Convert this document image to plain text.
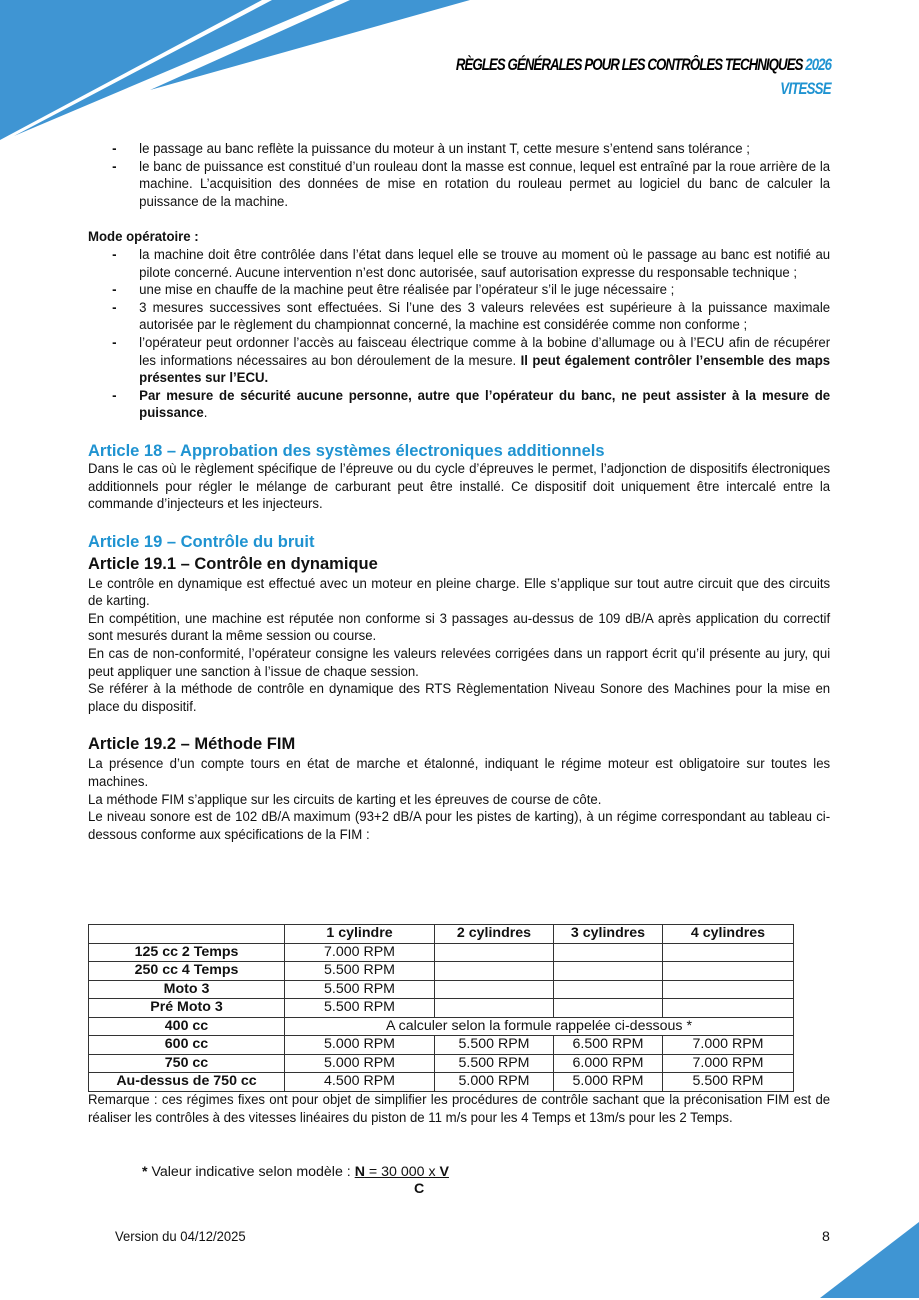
RÈGLES GÉNÉRALES POUR LES CONTRÔLES TECHNIQUES 2026
VITESSE
- le passage au banc reflète la puissance du moteur à un instant T, cette mesure s’entend sans tolérance ;
- le banc de puissance est constitué d’un rouleau dont la masse est connue, lequel est entraîné par la roue arrière de la machine. L’acquisition des données de mise en rotation du rouleau permet au logiciel du banc de calculer la puissance de la machine.
Mode opératoire :
- la machine doit être contrôlée dans l’état dans lequel elle se trouve au moment où le passage au banc est notifié au pilote concerné. Aucune intervention n’est donc autorisée, sauf autorisation expresse du responsable technique ;
- une mise en chauffe de la machine peut être réalisée par l’opérateur s’il le juge nécessaire ;
- 3 mesures successives sont effectuées. Si l’une des 3 valeurs relevées est supérieure à la puissance maximale autorisée par le règlement du championnat concerné, la machine est considérée comme non conforme ;
- l’opérateur peut ordonner l’accès au faisceau électrique comme à la bobine d’allumage ou à l’ECU afin de récupérer les informations nécessaires au bon déroulement de la mesure. Il peut également contrôler l’ensemble des maps présentes sur l’ECU.
- Par mesure de sécurité aucune personne, autre que l’opérateur du banc, ne peut assister à la mesure de puissance.
Article 18 – Approbation des systèmes électroniques additionnels
Dans le cas où le règlement spécifique de l’épreuve ou du cycle d’épreuves le permet, l’adjonction de dispositifs électroniques additionnels pour régler le mélange de carburant peut être installé. Ce dispositif doit uniquement être intercalé entre la commande d’injecteurs et les injecteurs.
Article 19 – Contrôle du bruit
Article 19.1 – Contrôle en dynamique
Le contrôle en dynamique est effectué avec un moteur en pleine charge. Elle s’applique sur tout autre circuit que des circuits de karting.
En compétition, une machine est réputée non conforme si 3 passages au-dessus de 109 dB/A après application du correctif sont mesurés durant la même session ou course.
En cas de non-conformité, l’opérateur consigne les valeurs relevées corrigées dans un rapport écrit qu’il présente au jury, qui peut appliquer une sanction à l’issue de chaque session.
Se référer à la méthode de contrôle en dynamique des RTS Règlementation Niveau Sonore des Machines pour la mise en place du dispositif.
Article 19.2 – Méthode FIM
La présence d’un compte tours en état de marche et étalonné, indiquant le régime moteur est obligatoire sur toutes les machines.
La méthode FIM s’applique sur les circuits de karting et les épreuves de course de côte.
Le niveau sonore est de 102 dB/A maximum (93+2 dB/A pour les pistes de karting), à un régime correspondant au tableau ci-dessous conforme aux spécifications de la FIM :
	1 cylindre	2 cylindres	3 cylindres	4 cylindres
125 cc 2 Temps	7.000 RPM			
250 cc 4 Temps	5.500 RPM			
Moto 3	5.500 RPM			
Pré Moto 3	5.500 RPM			
400 cc	A calculer selon la formule rappelée ci-dessous *			
600 cc	5.000 RPM	5.500 RPM	6.500 RPM	7.000 RPM
750 cc	5.000 RPM	5.500 RPM	6.000 RPM	7.000 RPM
Au-dessus de 750 cc	4.500 RPM	5.000 RPM	5.000 RPM	5.500 RPM
Remarque : ces régimes fixes ont pour objet de simplifier les procédures de contrôle sachant que la préconisation FIM est de réaliser les contrôles à des vitesses linéaires du piston de 11 m/s pour les 4 Temps et 13m/s pour les 2 Temps.
* Valeur indicative selon modèle : N = 30 000 x V
C
Version du 04/12/2025	8
